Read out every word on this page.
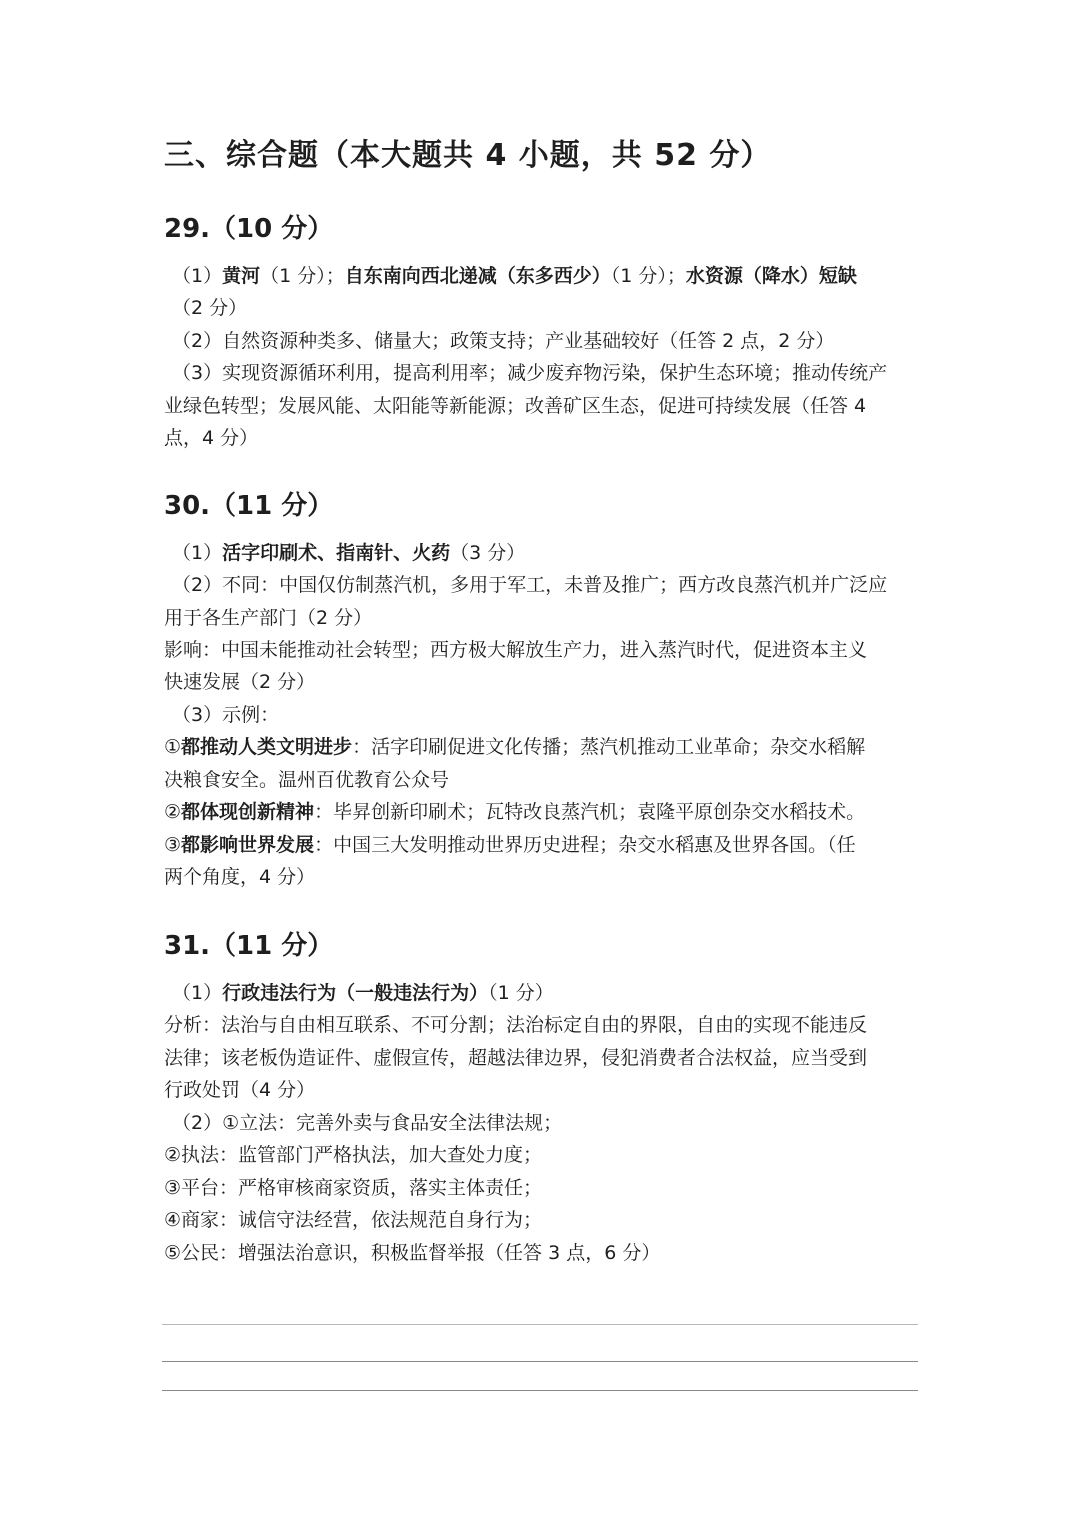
三、综合题（本大题共 4 小题，共 52 分）
29.（10 分）
（1）黄河（1 分）；自东南向西北递减（东多西少）（1 分）；水资源（降水）短缺
（2 分）
（2）自然资源种类多、储量大；政策支持；产业基础较好（任答 2 点，2 分）
（3）实现资源循环利用，提高利用率；减少废弃物污染，保护生态环境；推动传统产
业绿色转型；发展风能、太阳能等新能源；改善矿区生态，促进可持续发展（任答 4
点，4 分）
30.（11 分）
（1）活字印刷术、指南针、火药（3 分）
（2）不同：中国仅仿制蒸汽机，多用于军工，未普及推广；西方改良蒸汽机并广泛应
用于各生产部门（2 分）
影响：中国未能推动社会转型；西方极大解放生产力，进入蒸汽时代，促进资本主义
快速发展（2 分）
（3）示例：
①都推动人类文明进步：活字印刷促进文化传播；蒸汽机推动工业革命；杂交水稻解
决粮食安全。温州百优教育公众号
②都体现创新精神：毕昇创新印刷术；瓦特改良蒸汽机；袁隆平原创杂交水稻技术。
③都影响世界发展：中国三大发明推动世界历史进程；杂交水稻惠及世界各国。（任
两个角度，4 分）
31.（11 分）
（1）行政违法行为（一般违法行为）（1 分）
分析：法治与自由相互联系、不可分割；法治标定自由的界限，自由的实现不能违反
法律；该老板伪造证件、虚假宣传，超越法律边界，侵犯消费者合法权益，应当受到
行政处罚（4 分）
（2）①立法：完善外卖与食品安全法律法规；
②执法：监管部门严格执法，加大查处力度；
③平台：严格审核商家资质，落实主体责任；
④商家：诚信守法经营，依法规范自身行为；
⑤公民：增强法治意识，积极监督举报（任答 3 点，6 分）
